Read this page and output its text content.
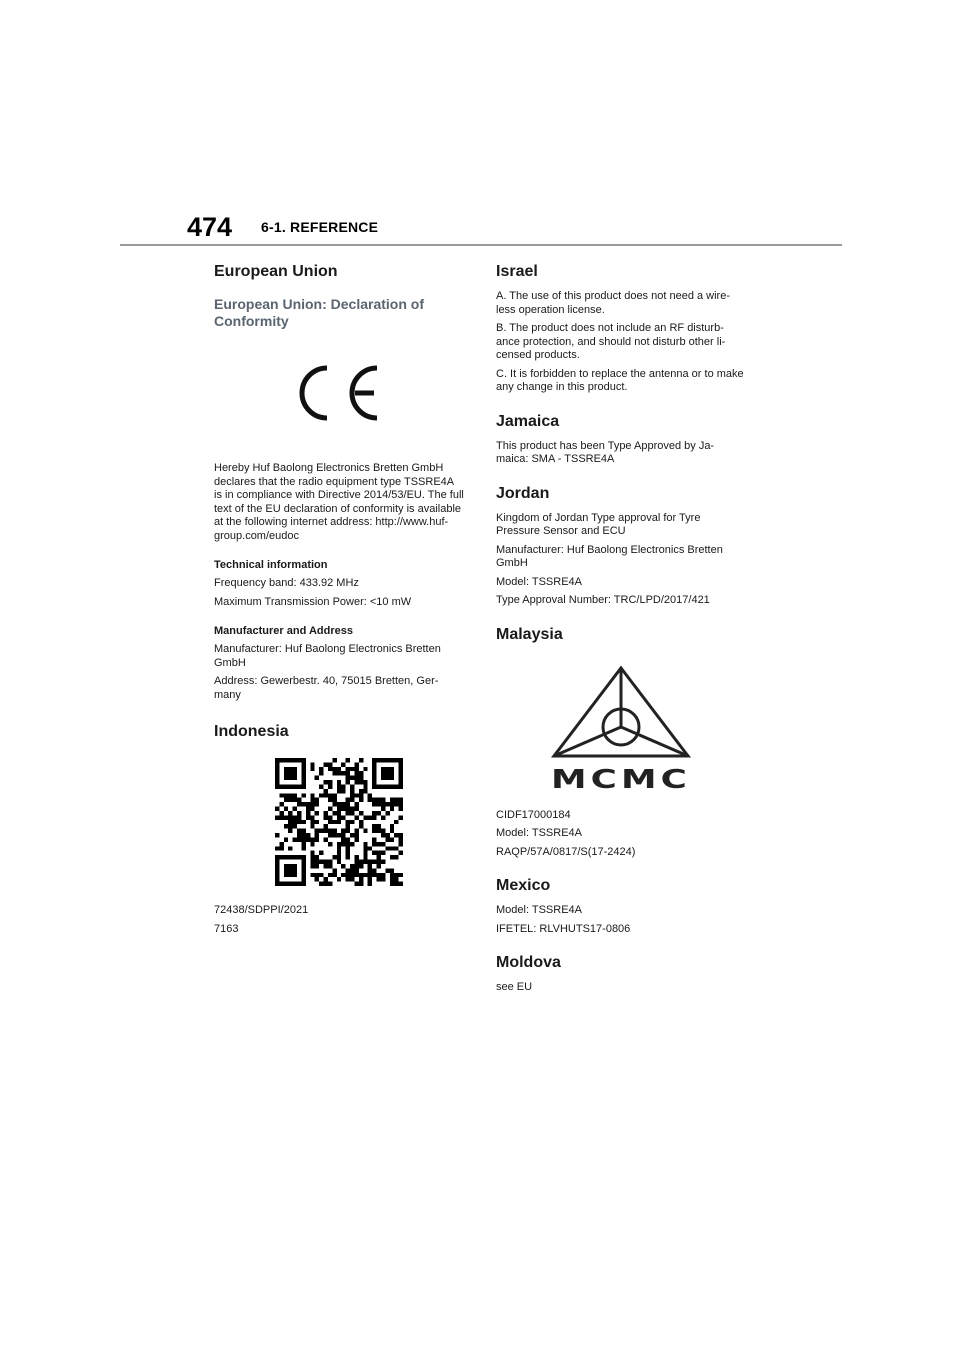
474 6-1. REFERENCE
European Union
European Union: Declaration of Conformity

Hereby Huf Baolong Electronics Bretten GmbH declares that the radio equipment type TSSRE4A is in compliance with Directive 2014/53/EU. The full text of the EU declaration of conformity is available at the following internet address: http://www.huf-group.com/eudoc

Technical information

Frequency band: 433.92 MHz

Maximum Transmission Power: <10 mW

Manufacturer and Address

Manufacturer: Huf Baolong Electronics Bretten GmbH

Address: Gewerbestr. 40, 75015 Bretten, Ger-many

Indonesia

72438/SDPPI/2021

7163

Israel

A. The use of this product does not need a wire-less operation license.

B. The product does not include an RF disturb-ance protection, and should not disturb other li-censed products.

C. It is forbidden to replace the antenna or to make any change in this product.

Jamaica

This product has been Type Approved by Ja-maica: SMA - TSSRE4A

Jordan

Kingdom of Jordan Type approval for Tyre Pressure Sensor and ECU

Manufacturer: Huf Baolong Electronics Bretten GmbH

Model: TSSRE4A

Type Approval Number: TRC/LPD/2017/421

Malaysia
MCMC

CIDF17000184

Model: TSSRE4A

RAQP/57A/0817/S(17-2424)

Mexico

Model: TSSRE4A

IFETEL: RLVHUTS17-0806

Moldova

see EU
